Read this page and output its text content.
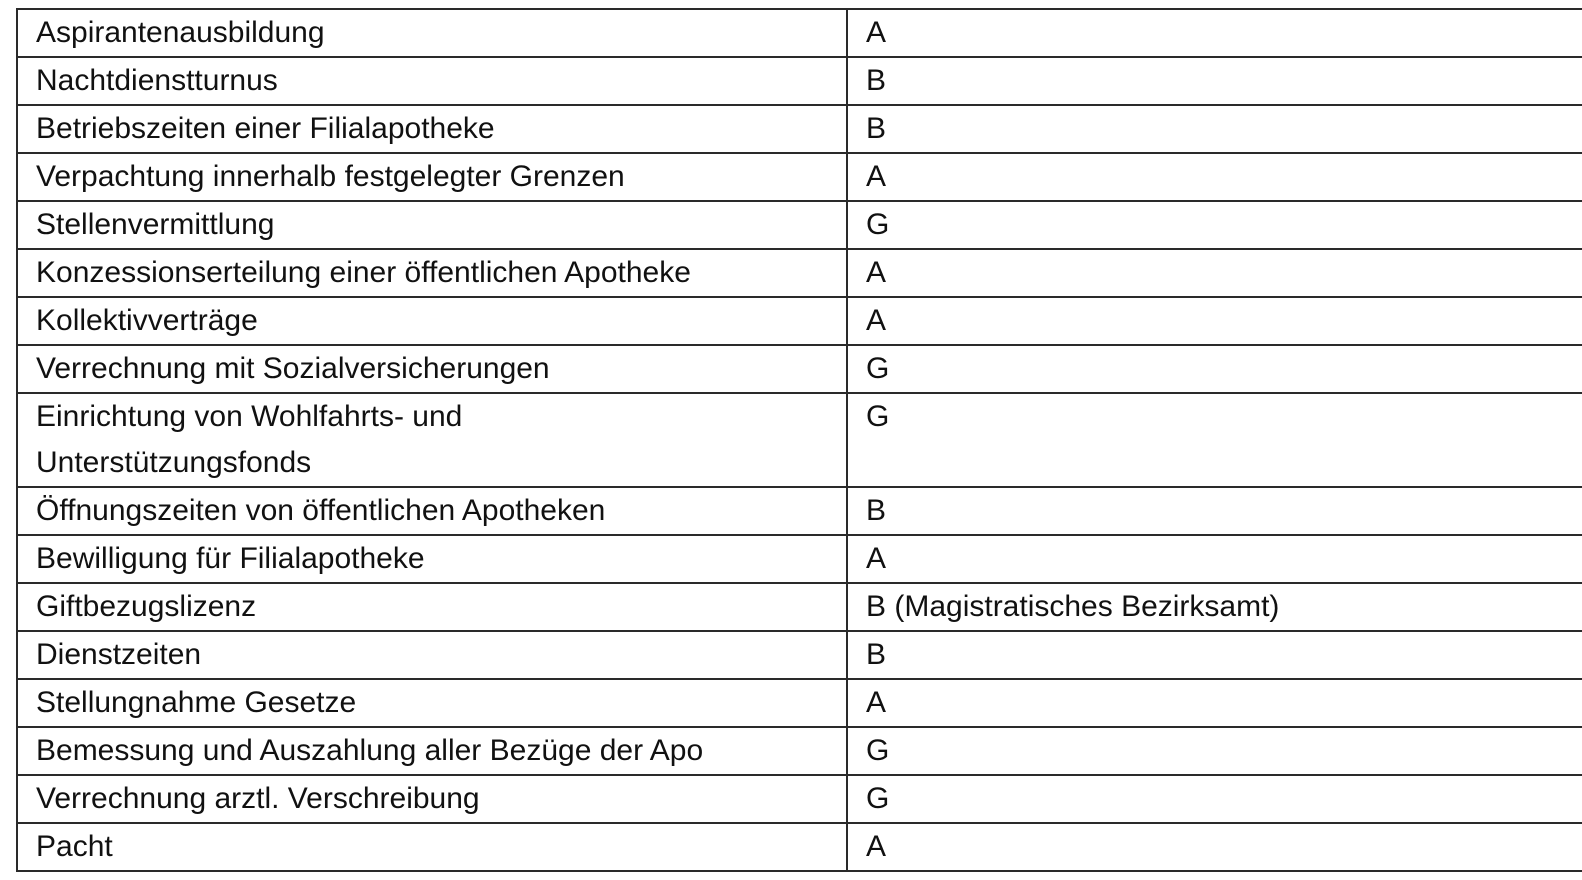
Aspirantenausbildung	A
Nachtdienstturnus	B
Betriebszeiten einer Filialapotheke	B
Verpachtung innerhalb festgelegter Grenzen	A
Stellenvermittlung	G
Konzessionserteilung einer öffentlichen Apotheke	A
Kollektivverträge	A
Verrechnung mit Sozialversicherungen	G

Einrichtung von Wohlfahrts- und
Unterstützungsfonds	G
Öffnungszeiten von öffentlichen Apotheken	B
Bewilligung für Filialapotheke	A
Giftbezugslizenz	B (Magistratisches Bezirksamt)
Dienstzeiten	B
Stellungnahme Gesetze	A
Bemessung und Auszahlung aller Bezüge der Apo	G
Verrechnung arztl. Verschreibung	G
Pacht	A
